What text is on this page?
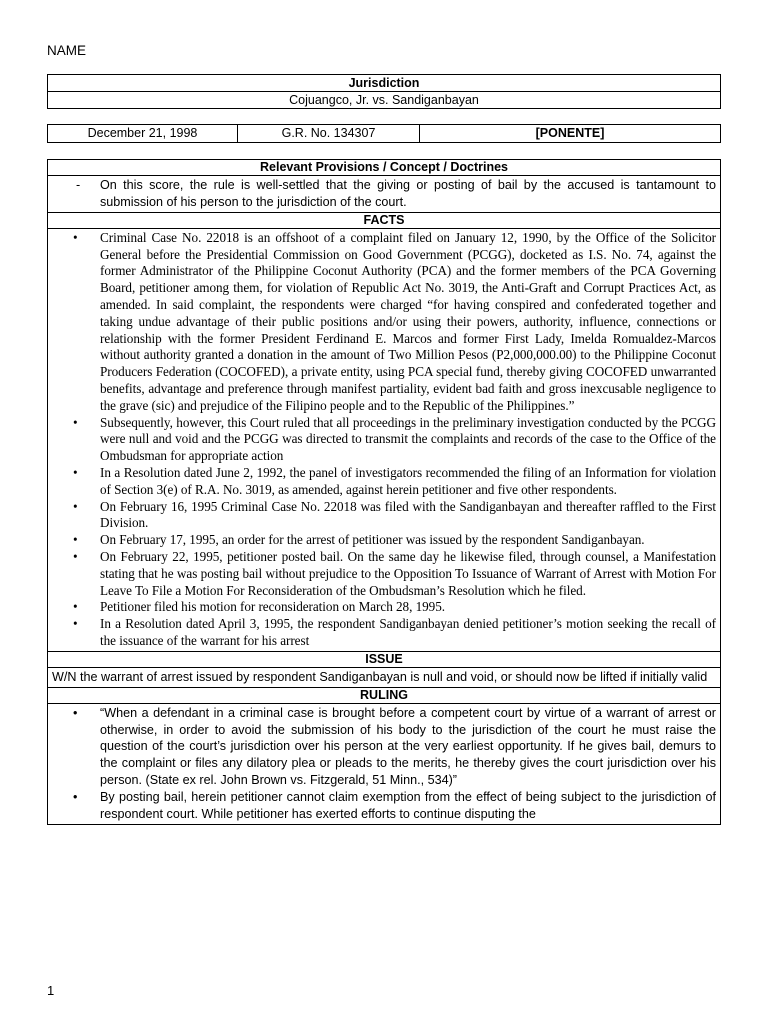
NAME
Jurisdiction
Cojuangco, Jr. vs. Sandiganbayan
December 21, 1998	G.R. No. 134307	[PONENTE]
Relevant Provisions / Concept / Doctrines

- On this score, the rule is well-settled that the giving or posting of bail by the accused is tantamount to submission of his person to the jurisdiction of the court.

FACTS

• Criminal Case No. 22018 is an offshoot of a complaint filed on January 12, 1990, by the Office of the Solicitor General before the Presidential Commission on Good Government (PCGG), docketed as I.S. No. 74, against the former Administrator of the Philippine Coconut Authority (PCA) and the former members of the PCA Governing Board, petitioner among them, for violation of Republic Act No. 3019, the Anti-Graft and Corrupt Practices Act, as amended. In said complaint, the respondents were charged “for having conspired and confederated together and taking undue advantage of their public positions and/or using their powers, authority, influence, connections or relationship with the former President Ferdinand E. Marcos and former First Lady, Imelda Romualdez-Marcos without authority granted a donation in the amount of Two Million Pesos (P2,000,000.00) to the Philippine Coconut Producers Federation (COCOFED), a private entity, using PCA special fund, thereby giving COCOFED unwarranted benefits, advantage and preference through manifest partiality, evident bad faith and gross inexcusable negligence to the grave (sic) and prejudice of the Filipino people and to the Republic of the Philippines.”
• Subsequently, however, this Court ruled that all proceedings in the preliminary investigation conducted by the PCGG were null and void and the PCGG was directed to transmit the complaints and records of the case to the Office of the Ombudsman for appropriate action
• In a Resolution dated June 2, 1992, the panel of investigators recommended the filing of an Information for violation of Section 3(e) of R.A. No. 3019, as amended, against herein petitioner and five other respondents.
• On February 16, 1995 Criminal Case No. 22018 was filed with the Sandiganbayan and thereafter raffled to the First Division.
• On February 17, 1995, an order for the arrest of petitioner was issued by the respondent Sandiganbayan.
• On February 22, 1995, petitioner posted bail. On the same day he likewise filed, through counsel, a Manifestation stating that he was posting bail without prejudice to the Opposition To Issuance of Warrant of Arrest with Motion For Leave To File a Motion For Reconsideration of the Ombudsman’s Resolution which he filed.
• Petitioner filed his motion for reconsideration on March 28, 1995.
• In a Resolution dated April 3, 1995, the respondent Sandiganbayan denied petitioner’s motion seeking the recall of the issuance of the warrant for his arrest

ISSUE
W/N the warrant of arrest issued by respondent Sandiganbayan is null and void, or should now be lifted if initially valid
RULING

• “When a defendant in a criminal case is brought before a competent court by virtue of a warrant of arrest or otherwise, in order to avoid the submission of his body to the jurisdiction of the court he must raise the question of the court’s jurisdiction over his person at the very earliest opportunity. If he gives bail, demurs to the complaint or files any dilatory plea or pleads to the merits, he thereby gives the court jurisdiction over his person. (State ex rel. John Brown vs. Fitzgerald, 51 Minn., 534)”
• By posting bail, herein petitioner cannot claim exemption from the effect of being subject to the jurisdiction of respondent court. While petitioner has exerted efforts to continue disputing the
1
